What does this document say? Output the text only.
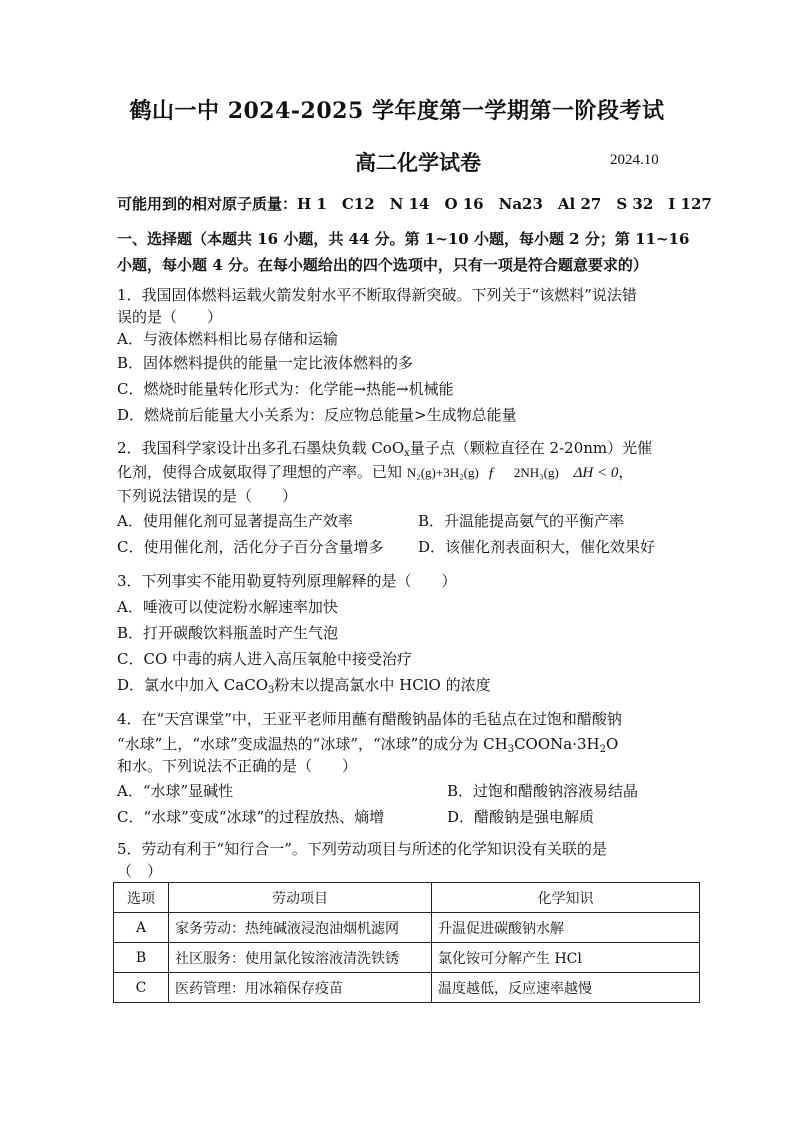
鹤山一中 2024-2025 学年度第一学期第一阶段考试
高二化学试卷	2024.10
可能用到的相对原子质量：H 1　C12　N 14　O 16　Na23　Al 27　S 32　I 127
一、选择题（本题共 16 小题，共 44 分。第 1~10 小题，每小题 2 分；第 11~16
小题，每小题 4 分。在每小题给出的四个选项中，只有一项是符合题意要求的）
1．我国固体燃料运载火箭发射水平不断取得新突破。下列关于“该燃料”说法错
误的是（　　）
A．与液体燃料相比易存储和运输
B．固体燃料提供的能量一定比液体燃料的多
C．燃烧时能量转化形式为：化学能→热能→机械能
D．燃烧前后能量大小关系为：反应物总能量>生成物总能量
2．我国科学家设计出多孔石墨炔负载 CoO$_x$量子点（颗粒直径在 2-20nm）光催
化剂，使得合成氨取得了理想的产率。已知 N₂(g)+3H₂(g) ƒ 2NH₃(g) ΔH < 0，
下列说法错误的是（　　）
A．使用催化剂可显著提高生产效率	B．升温能提高氨气的平衡产率
C．使用催化剂，活化分子百分含量增多 D．该催化剂表面积大，催化效果好
3．下列事实不能用勒夏特列原理解释的是（　　）
A．唾液可以使淀粉水解速率加快
B．打开碳酸饮料瓶盖时产生气泡
C．CO 中毒的病人进入高压氧舱中接受治疗
D．氯水中加入 CaCO$_3$粉末以提高氯水中 HClO 的浓度
4．在“天宫课堂”中，王亚平老师用蘸有醋酸钠晶体的毛毡点在过饱和醋酸钠
“水球”上，“水球”变成温热的“冰球”，“冰球”的成分为 $CH_3COONa\cdot 3H_2O$
和水。下列说法不正确的是（　　）
A．“水球”显碱性	B．过饱和醋酸钠溶液易结晶
C．“水球”变成“冰球”的过程放热、熵增	D．醋酸钠是强电解质
5．劳动有利于“知行合一”。下列劳动项目与所述的化学知识没有关联的是
（　）
选项	劳动项目	化学知识
A	家务劳动：热纯碱液浸泡油烟机滤网	升温促进碳酸钠水解
B	社区服务：使用氯化铵溶液清洗铁锈	氯化铵可分解产生 HCl
C	医药管理：用冰箱保存疫苗	温度越低，反应速率越慢
